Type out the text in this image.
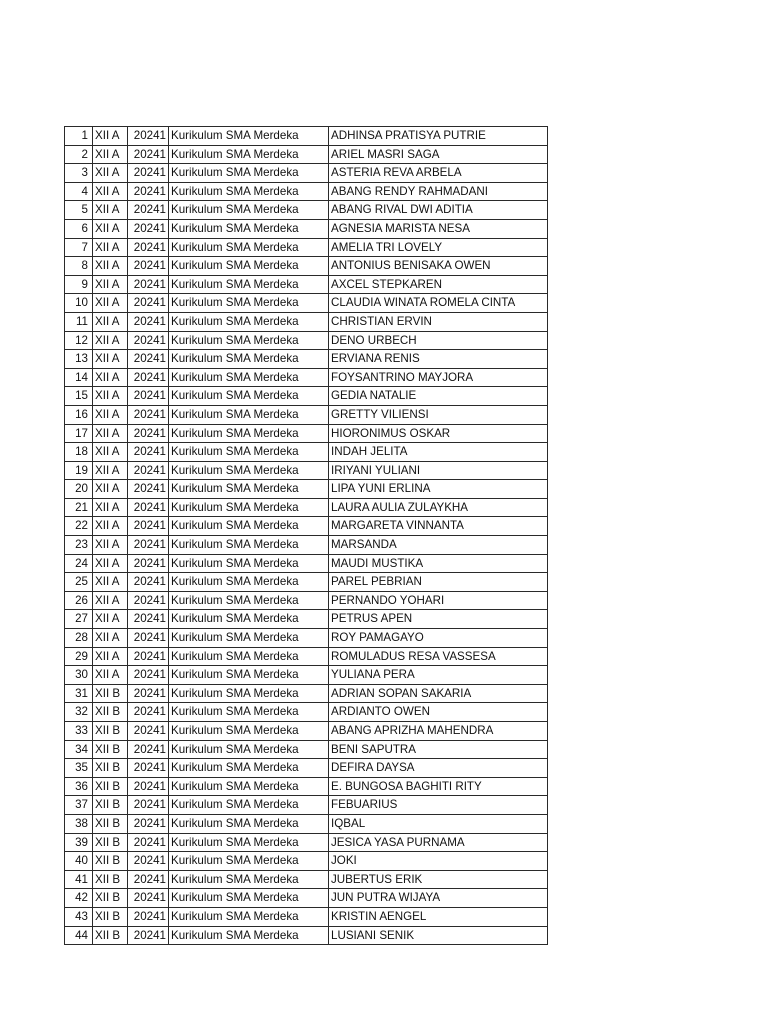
1	XII A	20241	Kurikulum SMA Merdeka	ADHINSA PRATISYA PUTRIE
2	XII A	20241	Kurikulum SMA Merdeka	ARIEL MASRI SAGA
3	XII A	20241	Kurikulum SMA Merdeka	ASTERIA REVA ARBELA
4	XII A	20241	Kurikulum SMA Merdeka	ABANG RENDY RAHMADANI
5	XII A	20241	Kurikulum SMA Merdeka	ABANG RIVAL DWI ADITIA
6	XII A	20241	Kurikulum SMA Merdeka	AGNESIA MARISTA NESA
7	XII A	20241	Kurikulum SMA Merdeka	AMELIA TRI LOVELY
8	XII A	20241	Kurikulum SMA Merdeka	ANTONIUS BENISAKA OWEN
9	XII A	20241	Kurikulum SMA Merdeka	AXCEL STEPKAREN
10	XII A	20241	Kurikulum SMA Merdeka	CLAUDIA WINATA ROMELA CINTA
11	XII A	20241	Kurikulum SMA Merdeka	CHRISTIAN ERVIN
12	XII A	20241	Kurikulum SMA Merdeka	DENO URBECH
13	XII A	20241	Kurikulum SMA Merdeka	ERVIANA RENIS
14	XII A	20241	Kurikulum SMA Merdeka	FOYSANTRINO MAYJORA
15	XII A	20241	Kurikulum SMA Merdeka	GEDIA NATALIE
16	XII A	20241	Kurikulum SMA Merdeka	GRETTY VILIENSI
17	XII A	20241	Kurikulum SMA Merdeka	HIORONIMUS OSKAR
18	XII A	20241	Kurikulum SMA Merdeka	INDAH JELITA
19	XII A	20241	Kurikulum SMA Merdeka	IRIYANI YULIANI
20	XII A	20241	Kurikulum SMA Merdeka	LIPA YUNI ERLINA
21	XII A	20241	Kurikulum SMA Merdeka	LAURA AULIA ZULAYKHA
22	XII A	20241	Kurikulum SMA Merdeka	MARGARETA VINNANTA
23	XII A	20241	Kurikulum SMA Merdeka	MARSANDA
24	XII A	20241	Kurikulum SMA Merdeka	MAUDI MUSTIKA
25	XII A	20241	Kurikulum SMA Merdeka	PAREL PEBRIAN
26	XII A	20241	Kurikulum SMA Merdeka	PERNANDO YOHARI
27	XII A	20241	Kurikulum SMA Merdeka	PETRUS APEN
28	XII A	20241	Kurikulum SMA Merdeka	ROY PAMAGAYO
29	XII A	20241	Kurikulum SMA Merdeka	ROMULADUS RESA VASSESA
30	XII A	20241	Kurikulum SMA Merdeka	YULIANA PERA
31	XII B	20241	Kurikulum SMA Merdeka	ADRIAN SOPAN SAKARIA
32	XII B	20241	Kurikulum SMA Merdeka	ARDIANTO OWEN
33	XII B	20241	Kurikulum SMA Merdeka	ABANG APRIZHA MAHENDRA
34	XII B	20241	Kurikulum SMA Merdeka	BENI SAPUTRA
35	XII B	20241	Kurikulum SMA Merdeka	DEFIRA DAYSA
36	XII B	20241	Kurikulum SMA Merdeka	E. BUNGOSA BAGHITI RITY
37	XII B	20241	Kurikulum SMA Merdeka	FEBUARIUS
38	XII B	20241	Kurikulum SMA Merdeka	IQBAL
39	XII B	20241	Kurikulum SMA Merdeka	JESICA YASA PURNAMA
40	XII B	20241	Kurikulum SMA Merdeka	JOKI
41	XII B	20241	Kurikulum SMA Merdeka	JUBERTUS ERIK
42	XII B	20241	Kurikulum SMA Merdeka	JUN PUTRA WIJAYA
43	XII B	20241	Kurikulum SMA Merdeka	KRISTIN AENGEL
44	XII B	20241	Kurikulum SMA Merdeka	LUSIANI SENIK
